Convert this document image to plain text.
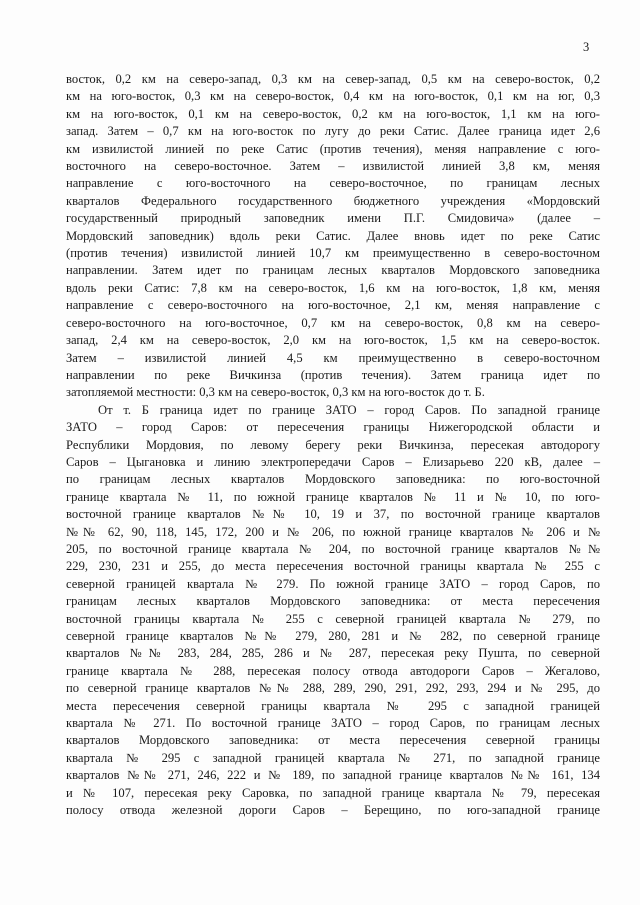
3

восток, 0,2 км на северо-запад, 0,3 км на север-запад, 0,5 км на северо-восток, 0,2
км на юго-восток, 0,3 км на северо-восток, 0,4 км на юго-восток, 0,1 км на юг, 0,3
км на юго-восток, 0,1 км на северо-восток, 0,2 км на юго-восток, 1,1 км на юго-
запад. Затем – 0,7 км на юго-восток по лугу до реки Сатис. Далее граница идет 2,6
км извилистой линией по реке Сатис (против течения), меняя направление с юго-
восточного на северо-восточное. Затем – извилистой линией 3,8 км, меняя
направление с юго-восточного на северо-восточное, по границам лесных
кварталов Федерального государственного бюджетного учреждения «Мордовский
государственный природный заповедник имени П.Г. Смидовича» (далее –
Мордовский заповедник) вдоль реки Сатис. Далее вновь идет по реке Сатис
(против течения) извилистой линией 10,7 км преимущественно в северо-восточном
направлении. Затем идет по границам лесных кварталов Мордовского заповедника
вдоль реки Сатис: 7,8 км на северо-восток, 1,6 км на юго-восток, 1,8 км, меняя
направление с северо-восточного на юго-восточное, 2,1 км, меняя направление с
северо-восточного на юго-восточное, 0,7 км на северо-восток, 0,8 км на северо-
запад, 2,4 км на северо-восток, 2,0 км на юго-восток, 1,5 км на северо-восток.
Затем – извилистой линией 4,5 км преимущественно в северо-восточном
направлении по реке Вичкинза (против течения). Затем граница идет по
затопляемой местности: 0,3 км на северо-восток, 0,3 км на юго-восток до т. Б.

От т. Б граница идет по границе ЗАТО – город Саров. По западной границе
ЗАТО – город Саров: от пересечения границы Нижегородской области и
Республики Мордовия, по левому берегу реки Вичкинза, пересекая автодорогу
Саров – Цыгановка и линию электропередачи Саров – Елизарьево 220 кВ, далее –
по границам лесных кварталов Мордовского заповедника: по юго-восточной
границе квартала № 11, по южной границе кварталов № 11 и № 10, по юго-
восточной границе кварталов №№ 10, 19 и 37, по восточной границе кварталов
№№ 62, 90, 118, 145, 172, 200 и № 206, по южной границе кварталов № 206 и №
205, по восточной границе квартала № 204, по восточной границе кварталов №№
229, 230, 231 и 255, до места пересечения восточной границы квартала № 255 с
северной границей квартала № 279. По южной границе ЗАТО – город Саров, по
границам лесных кварталов Мордовского заповедника: от места пересечения
восточной границы квартала № 255 с северной границей квартала № 279, по
северной границе кварталов №№ 279, 280, 281 и № 282, по северной границе
кварталов №№ 283, 284, 285, 286 и № 287, пересекая реку Пушта, по северной
границе квартала № 288, пересекая полосу отвода автодороги Саров – Жегалово,
по северной границе кварталов №№ 288, 289, 290, 291, 292, 293, 294 и № 295, до
места пересечения северной границы квартала № 295 с западной границей
квартала № 271. По восточной границе ЗАТО – город Саров, по границам лесных
кварталов Мордовского заповедника: от места пересечения северной границы
квартала № 295 с западной границей квартала № 271, по западной границе
кварталов №№ 271, 246, 222 и № 189, по западной границе кварталов №№ 161, 134
и № 107, пересекая реку Саровка, по западной границе квартала № 79, пересекая
полосу отвода железной дороги Саров – Берещино, по юго-западной границе
